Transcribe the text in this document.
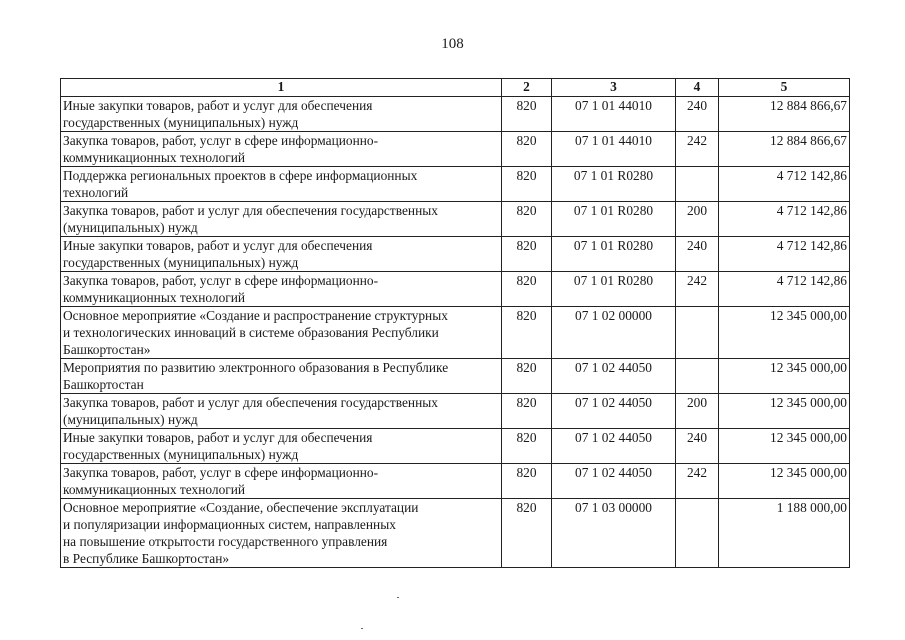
108
1	2	3	4	5

Иные закупки товаров, работ и услуг для обеспечения
государственных (муниципальных) нужд	820	07 1 01 44010	240	12 884 866,67

Закупка товаров, работ, услуг в сфере информационно-
коммуникационных технологий	820	07 1 01 44010	242	12 884 866,67

Поддержка региональных проектов в сфере информационных
технологий	820	07 1 01 R0280		4 712 142,86

Закупка товаров, работ и услуг для обеспечения государственных
(муниципальных) нужд	820	07 1 01 R0280	200	4 712 142,86

Иные закупки товаров, работ и услуг для обеспечения
государственных (муниципальных) нужд	820	07 1 01 R0280	240	4 712 142,86

Закупка товаров, работ, услуг в сфере информационно-
коммуникационных технологий	820	07 1 01 R0280	242	4 712 142,86

Основное мероприятие «Создание и распространение структурных
и технологических инноваций в системе образования Республики
Башкортостан»	820	07 1 02 00000		12 345 000,00

Мероприятия по развитию электронного образования в Республике
Башкортостан	820	07 1 02 44050		12 345 000,00

Закупка товаров, работ и услуг для обеспечения государственных
(муниципальных) нужд	820	07 1 02 44050	200	12 345 000,00

Иные закупки товаров, работ и услуг для обеспечения
государственных (муниципальных) нужд	820	07 1 02 44050	240	12 345 000,00

Закупка товаров, работ, услуг в сфере информационно-
коммуникационных технологий	820	07 1 02 44050	242	12 345 000,00

Основное мероприятие «Создание, обеспечение эксплуатации
и популяризации информационных систем, направленных
на повышение открытости государственного управления
в Республике Башкортостан»	820	07 1 03 00000		1 188 000,00
